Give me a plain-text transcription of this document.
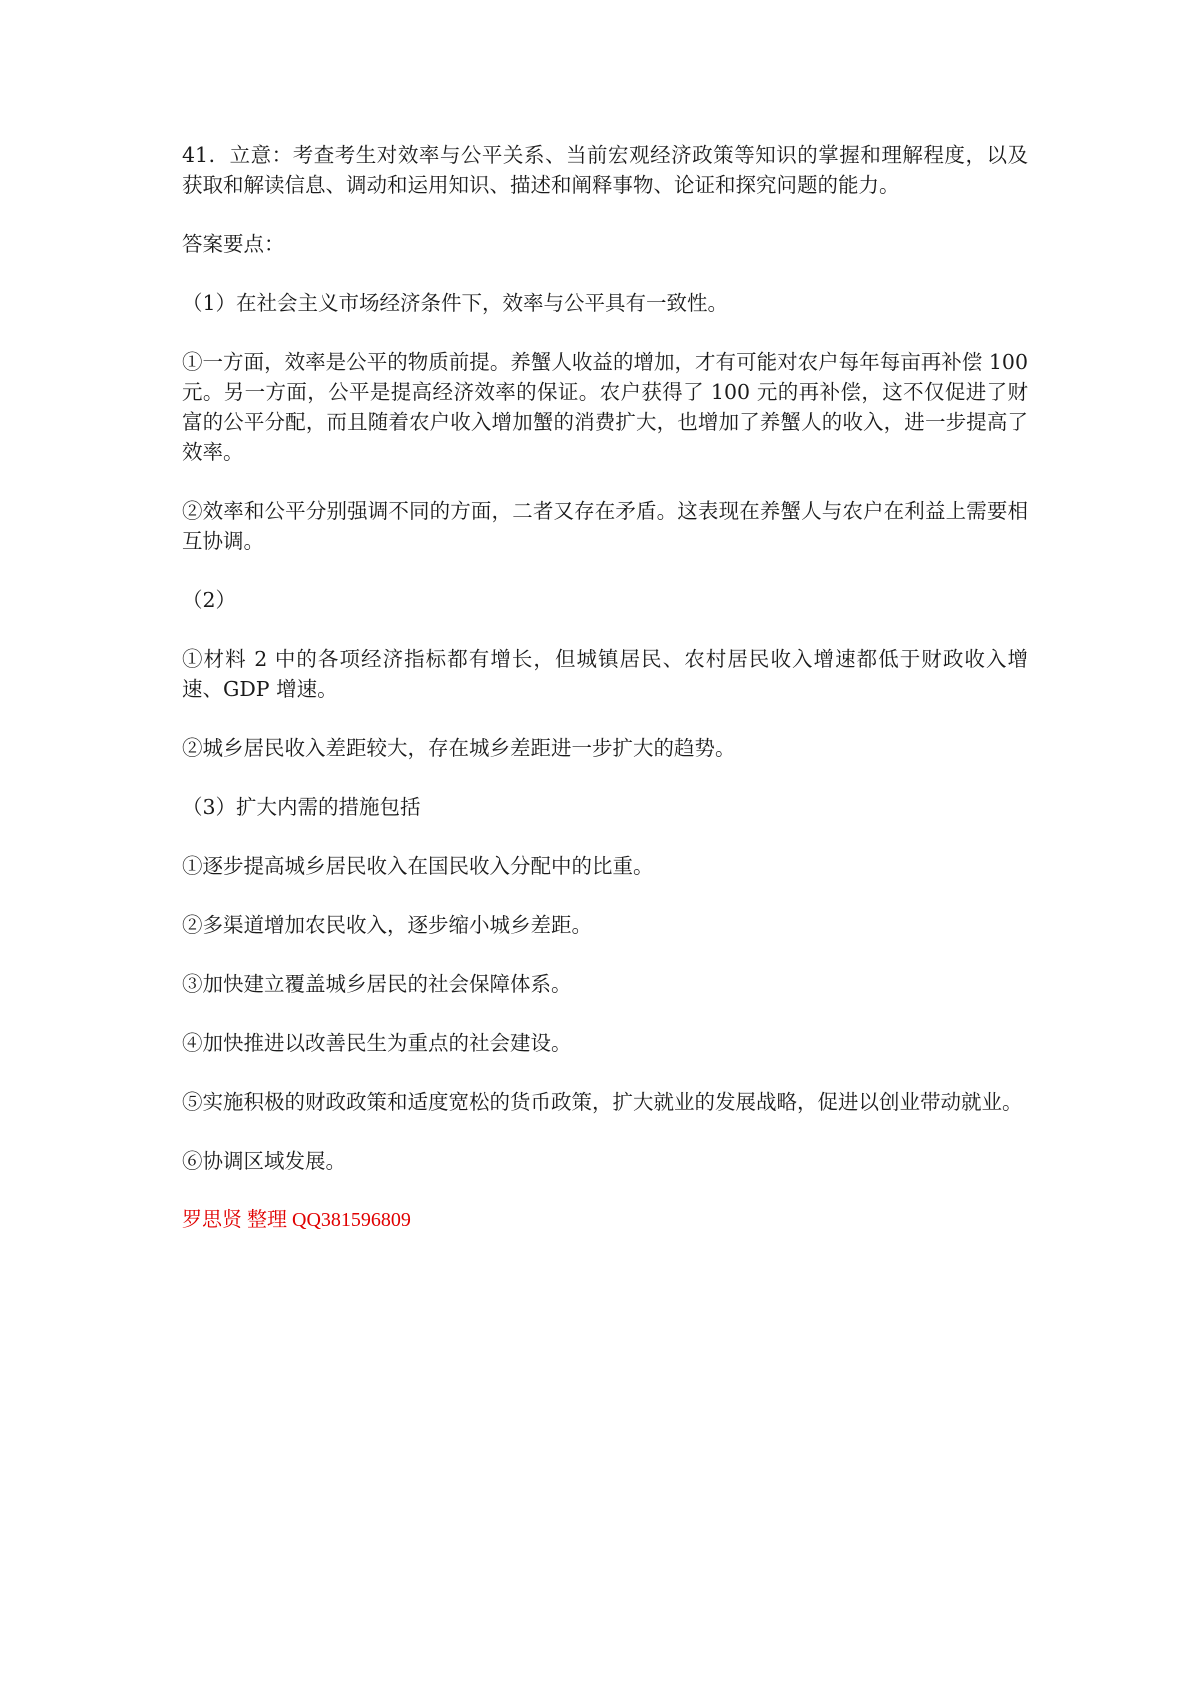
41．立意：考查考生对效率与公平关系、当前宏观经济政策等知识的掌握和理解程度，以及获取和解读信息、调动和运用知识、描述和阐释事物、论证和探究问题的能力。

答案要点：

（1）在社会主义市场经济条件下，效率与公平具有一致性。

①一方面，效率是公平的物质前提。养蟹人收益的增加，才有可能对农户每年每亩再补偿 100 元。另一方面，公平是提高经济效率的保证。农户获得了 100 元的再补偿，这不仅促进了财富的公平分配，而且随着农户收入增加蟹的消费扩大，也增加了养蟹人的收入，进一步提高了效率。

②效率和公平分别强调不同的方面，二者又存在矛盾。这表现在养蟹人与农户在利益上需要相互协调。

（2）

①材料 2 中的各项经济指标都有增长，但城镇居民、农村居民收入增速都低于财政收入增速、GDP 增速。

②城乡居民收入差距较大，存在城乡差距进一步扩大的趋势。

（3）扩大内需的措施包括

①逐步提高城乡居民收入在国民收入分配中的比重。

②多渠道增加农民收入，逐步缩小城乡差距。

③加快建立覆盖城乡居民的社会保障体系。

④加快推进以改善民生为重点的社会建设。

⑤实施积极的财政政策和适度宽松的货币政策，扩大就业的发展战略，促进以创业带动就业。

⑥协调区域发展。

罗思贤 整理 QQ381596809
